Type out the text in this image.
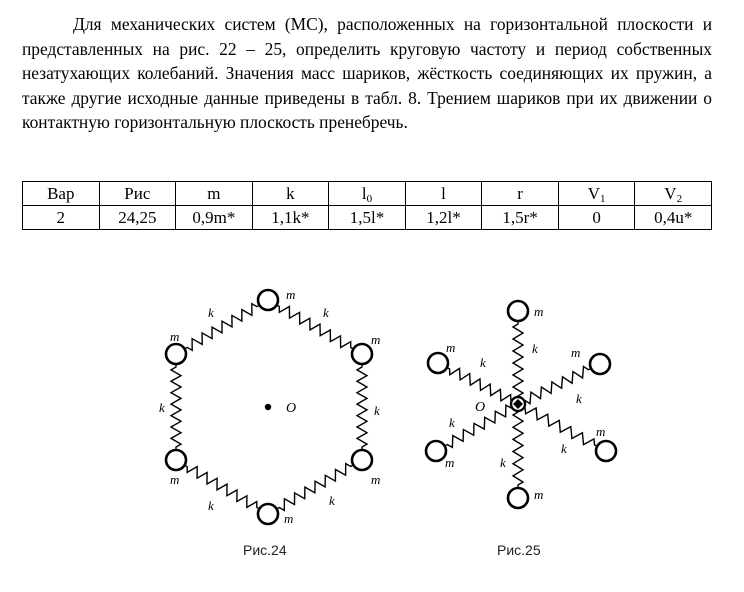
Для механических систем (МС), расположенных на горизонтальной плоскости и представленных на рис. 22 – 25, определить круговую частоту и период собственных незатухающих колебаний. Значения масс шариков, жёсткость соединяющих их пружин, а также другие исходные данные приведены в табл. 8. Трением шариков при их движении о контактную горизонтальную плоскость пренебречь.

Вар	Рис	m	k	$l_0$	l	r	$V_1$	$V_2$
2	24,25	0,9m*	1,1k*	1,5l*	1,2l*	1,5r*	0	0,4u*
O
m
m
m
m
m
m
k	k
k	k
k	k
O
m
m
m
m
m
m
k
k
k
k
k
k
Рис.24	Рис.25
